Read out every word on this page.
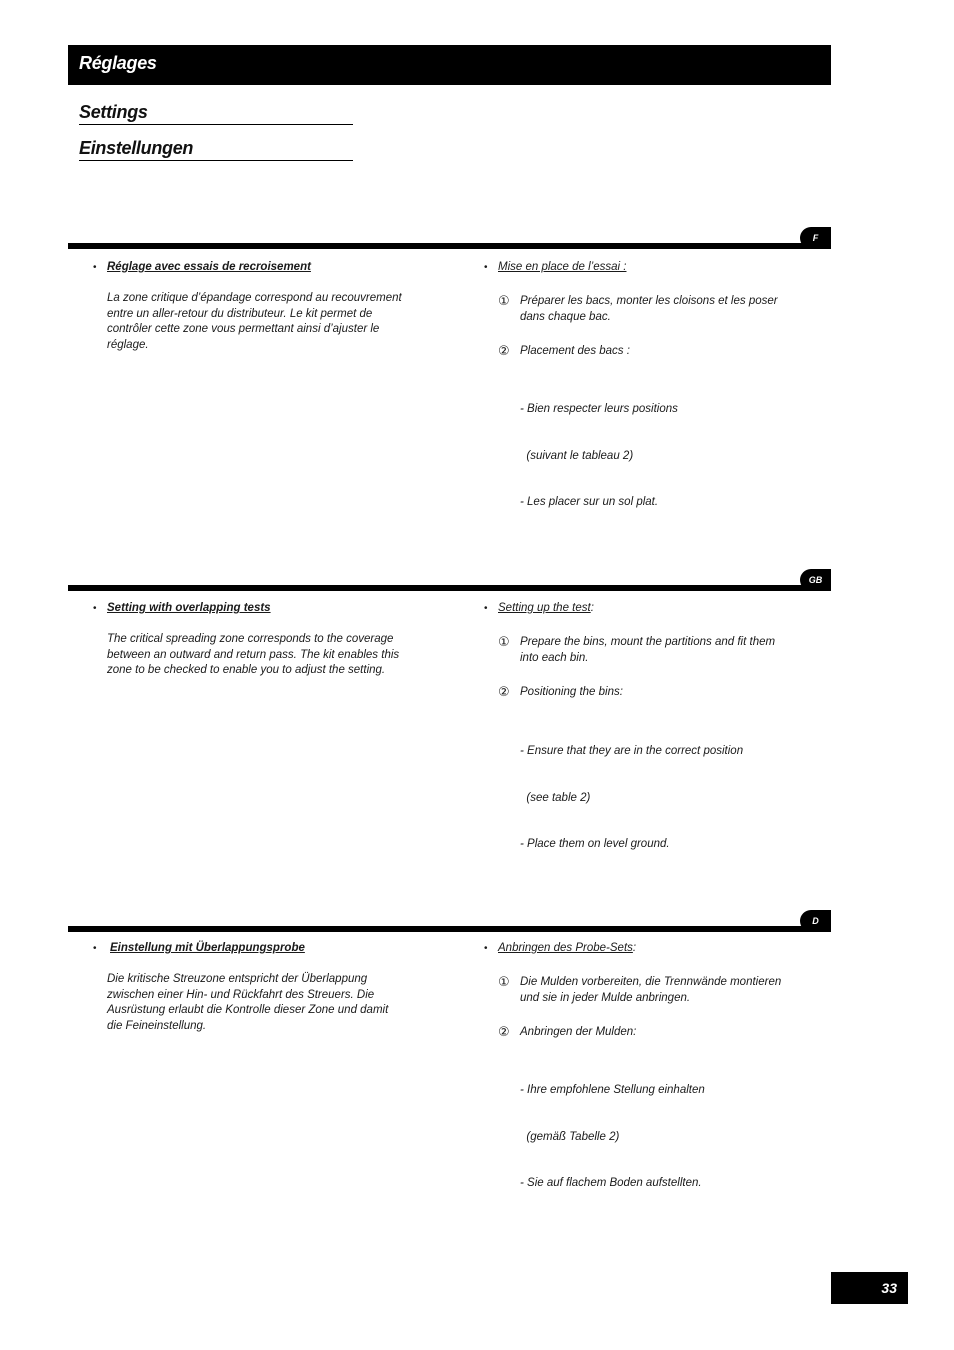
Réglages
Settings
Einstellungen
F
• Réglage avec essais de recroisement
La zone critique d’épandage correspond au recouvrement
entre un aller-retour du distributeur. Le kit permet de
contrôler cette zone vous permettant ainsi d’ajuster le
réglage.
• Mise en place de l’essai :
① Préparer les bacs, monter les cloisons et les poser
dans chaque bac.
② Placement des bacs :

- Bien respecter leurs positions

(suivant le tableau 2)

- Les placer sur un sol plat.

GB
• Setting with overlapping tests
The critical spreading zone corresponds to the coverage
between an outward and return pass. The kit enables this
zone to be checked to enable you to adjust the setting.
• Setting up the test:
① Prepare the bins, mount the partitions and fit them
into each bin.
② Positioning the bins:

- Ensure that they are in the correct position

(see table 2)

- Place them on level ground.

D
• Einstellung mit Überlappungsprobe
Die kritische Streuzone entspricht der Überlappung
zwischen einer Hin- und Rückfahrt des Streuers. Die
Ausrüstung erlaubt die Kontrolle dieser Zone und damit
die Feineinstellung.
• Anbringen des Probe-Sets:
① Die Mulden vorbereiten, die Trennwände montieren
und sie in jeder Mulde anbringen.
② Anbringen der Mulden:

- Ihre empfohlene Stellung einhalten

(gemäß Tabelle 2)

- Sie auf flachem Boden aufstellten.

33
